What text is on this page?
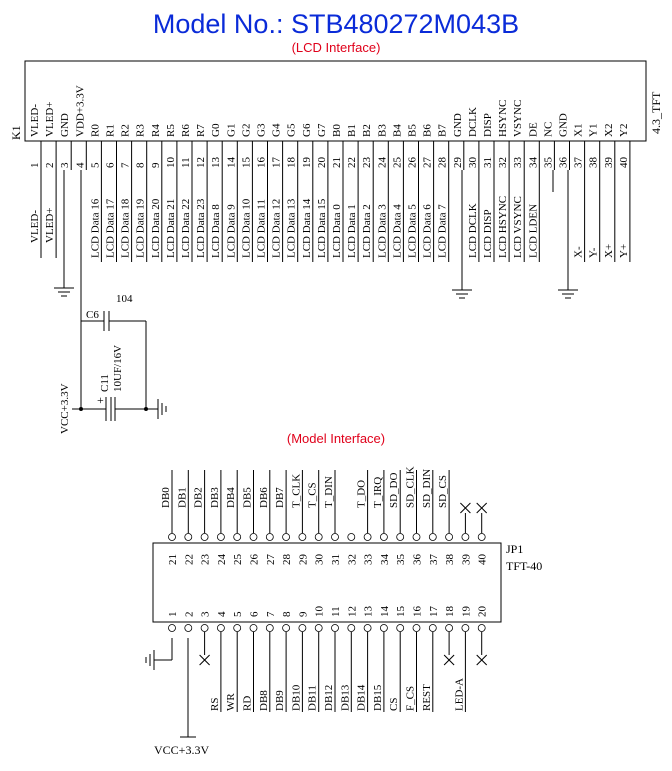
Model No.: STB480272M043B
(LCD Interface)
K1	4.3_TFT
VLED-
1
VLED-
VLED+
2
VLED+
GND
3
VDD+3.3V
4
R0
5
LCD Data 16
R1
6
LCD Data 17
R2
7
LCD Data 18
R3
8
LCD Data 19
R4
9
LCD Data 20
R5
10
LCD Data 21
R6
11
LCD Data 22
R7
12
LCD Data 23
G0
13
LCD Data 8
G1
14
LCD Data 9
G2
15
LCD Data 10
G3
16
LCD Data 11
G4
17
LCD Data 12
G5
18
LCD Data 13
G6
19
LCD Data 14
G7
20
LCD Data 15
B0
21
LCD Data 0
B1
22
LCD Data 1
B2
23
LCD Data 2
B3
24
LCD Data 3
B4
25
LCD Data 4
B5
26
LCD Data 5
B6
27
LCD Data 6
B7
28
LCD Data 7
GND
29
DCLK
30
LCD DCLK
DISP
31
LCD DISP
HSYNC
32
LCD HSYNC
VSYNC
33
LCD VSYNC
DE
34
LCD LDEN
NC
35
GND
36
X1
37
X-
Y1
38
Y-
X2
39
X+
Y2
40
Y+
C6
104
+
C11 10UF/16V
VCC+3.3V
(Model Interface)
JP1
TFT-40
21
DB0
1
22
DB1
2
23
DB2
3
24
DB3
4
RS
25
DB4
5
WR
26
DB5
6
RD
27
DB6
7
DB8
28
DB7
8
DB9
29
T_CLK
9
DB10
30
T_CS
10
DB11
31
T_DIN
11
DB12
32
12
DB13
33
T_DO
13
DB14
34
T_IRQ
14
DB15
35
SD_DO
15
CS
36
SD_CLK
16
F_CS
37
SD_DIN
17
REST
38
SD_CS
18
39
19
LED-A
40
20
VCC+3.3V
